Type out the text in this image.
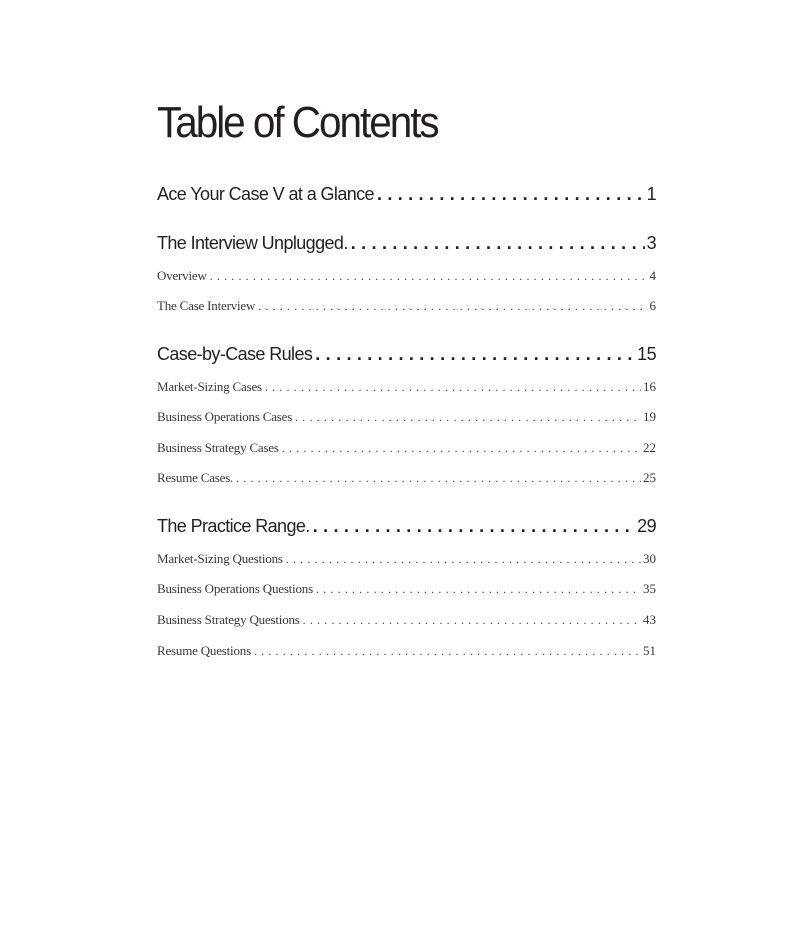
Table of Contents
Ace Your Case V at a Glance . . .	1
The Interview Unplugged. . . .	3
Overview . . .	4
The Case Interview . . .	6
Case-by-Case Rules . . .	15
Market-Sizing Cases . . .	16
Business Operations Cases . . .	19
Business Strategy Cases . . .	22
Resume Cases. . . .	25
The Practice Range. . . .	29
Market-Sizing Questions . . .	30
Business Operations Questions . . .	35
Business Strategy Questions . . .	43
Resume Questions . . .	51
